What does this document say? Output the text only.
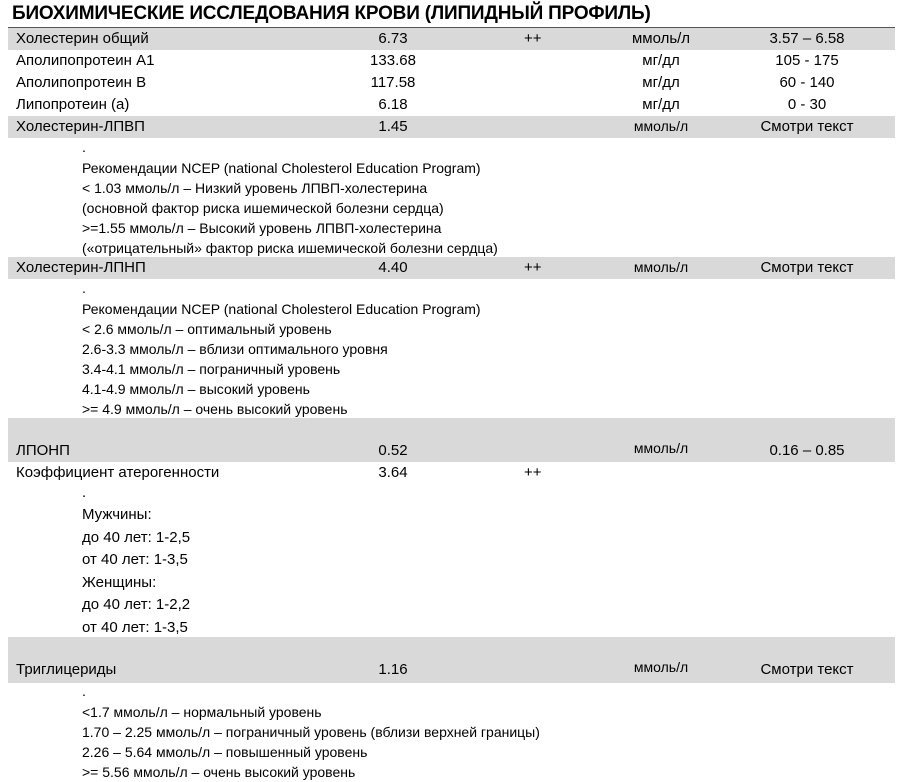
БИОХИМИЧЕСКИЕ ИССЛЕДОВАНИЯ КРОВИ (ЛИПИДНЫЙ ПРОФИЛЬ)
Холестерин общий	6.73	++	ммоль/л	3.57 – 6.58
Аполипопротеин А1	133.68	мг/дл	105 - 175
Аполипопротеин В	117.58	мг/дл	60 - 140
Липопротеин (а)	6.18	мг/дл	0 - 30
Холестерин-ЛПВП	1.45	ммоль/л	Смотри текст
.
Рекомендации NCEP (national Cholesterol Education Program)
< 1.03 ммоль/л – Низкий уровень ЛПВП-холестерина
(основной фактор риска ишемической болезни сердца)
>=1.55 ммоль/л – Высокий уровень ЛПВП-холестерина
(«отрицательный» фактор риска ишемической болезни сердца)
Холестерин-ЛПНП	4.40	++	ммоль/л	Смотри текст
.
Рекомендации NCEP (national Cholesterol Education Program)
< 2.6 ммоль/л – оптимальный уровень
2.6-3.3 ммоль/л – вблизи оптимального уровня
3.4-4.1 ммоль/л – пограничный уровень
4.1-4.9 ммоль/л – высокий уровень
>= 4.9 ммоль/л – очень высокий уровень
ЛПОНП	0.52	ммоль/л	0.16 – 0.85
Коэффициент атерогенности	3.64	++
.
Мужчины:
до 40 лет: 1-2,5
от 40 лет: 1-3,5
Женщины:
до 40 лет: 1-2,2
от 40 лет: 1-3,5
Триглицериды	1.16	ммоль/л	Смотри текст
.
<1.7 ммоль/л – нормальный уровень
1.70 – 2.25 ммоль/л – пограничный уровень (вблизи верхней границы)
2.26 – 5.64 ммоль/л – повышенный уровень
>= 5.56 ммоль/л – очень высокий уровень
